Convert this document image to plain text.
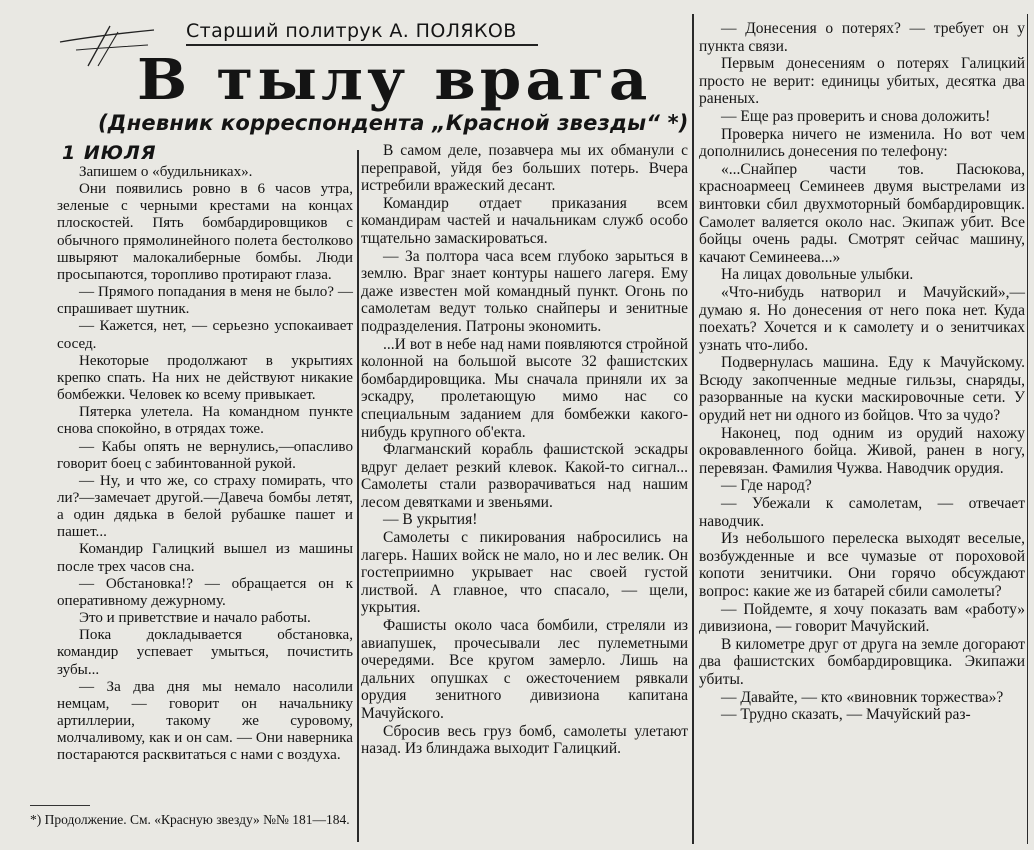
Старший политрук А. ПОЛЯКОВ
В тылу врага
(Дневник корреспондента „Красной звезды“ *)
1 ИЮЛЯ

Запишем о «будильниках».

Они появились ровно в 6 часов утра, зеленые с черными крестами на концах плоскостей. Пять бомбардировщиков с обычного прямолинейного полета бестолково швыряют малокалиберные бомбы. Люди просыпаются, торопливо протирают глаза.

— Прямого попадания в меня не было? — спрашивает шутник.

— Кажется, нет, — серьезно успокаивает сосед.

Некоторые продолжают в укрытиях крепко спать. На них не действуют никакие бомбежки. Человек ко всему привыкает.

Пятерка улетела. На командном пункте снова спокойно, в отрядах тоже.

— Кабы опять не вернулись,—опасливо говорит боец с забинтованной рукой.

— Ну, и что же, со страху помирать, что ли?—замечает другой.—Давеча бомбы летят, а один дядька в белой рубашке пашет и пашет...

Командир Галицкий вышел из машины после трех часов сна.

— Обстановка!? — обращается он к оперативному дежурному.

Это и приветствие и начало работы.

Пока докладывается обстановка, командир успевает умыться, почистить зубы...

— За два дня мы немало насолили немцам, — говорит он начальнику артиллерии, такому же суровому, молчаливому, как и он сам. — Они наверника постараются расквитаться с нами с воздуха.

В самом деле, позавчера мы их обманули с переправой, уйдя без больших потерь. Вчера истребили вражеский десант.

Командир отдает приказания всем командирам частей и начальникам служб особо тщательно замаскироваться.

— За полтора часа всем глубоко зарыться в землю. Враг знает контуры нашего лагеря. Ему даже известен мой командный пункт. Огонь по самолетам ведут только снайперы и зенитные подразделения. Патроны экономить.

...И вот в небе над нами появляются стройной колонной на большой высоте 32 фашистских бомбардировщика. Мы сначала приняли их за эскадру, пролетающую мимо нас со специальным заданием для бомбежки какого-нибудь крупного об'екта.

Флагманский корабль фашистской эскадры вдруг делает резкий клевок. Какой-то сигнал... Самолеты стали разворачиваться над нашим лесом девятками и звеньями.

— В укрытия!

Самолеты с пикирования набросились на лагерь. Наших войск не мало, но и лес велик. Он гостеприимно укрывает нас своей густой листвой. А главное, что спасало, — щели, укрытия.

Фашисты около часа бомбили, стреляли из авиапушек, прочесывали лес пулеметными очередями. Все кругом замерло. Лишь на дальних опушках с ожесточением рявкали орудия зенитного дивизиона капитана Мачуйского.

Сбросив весь груз бомб, самолеты улетают назад. Из блиндажа выходит Галицкий.

— Донесения о потерях? — требует он у пункта связи.

Первым донесениям о потерях Галицкий просто не верит: единицы убитых, десятка два раненых.

— Еще раз проверить и снова доложить!

Проверка ничего не изменила. Но вот чем дополнились донесения по телефону:

«...Снайпер части тов. Пасюкова, красноармеец Семинеев двумя выстрелами из винтовки сбил двухмоторный бомбардировщик. Самолет валяется около нас. Экипаж убит. Все бойцы очень рады. Смотрят сейчас машину, качают Семинеева...»

На лицах довольные улыбки.

«Что-нибудь натворил и Мачуйский»,— думаю я. Но донесения от него пока нет. Куда поехать? Хочется и к самолету и о зенитчиках узнать что-либо.

Подвернулась машина. Еду к Мачуйскому. Всюду закопченные медные гильзы, снаряды, разорванные на куски маскировочные сети. У орудий нет ни одного из бойцов. Что за чудо?

Наконец, под одним из орудий нахожу окровавленного бойца. Живой, ранен в ногу, перевязан. Фамилия Чужва. Наводчик орудия.

— Где народ?

— Убежали к самолетам, — отвечает наводчик.

Из небольшого перелеска выходят веселые, возбужденные и все чумазые от пороховой копоти зенитчики. Они горячо обсуждают вопрос: какие же из батарей сбили самолеты?

— Пойдемте, я хочу показать вам «работу» дивизиона, — говорит Мачуйский.

В километре друг от друга на земле догорают два фашистских бомбардировщика. Экипажи убиты.

— Давайте, — кто «виновник торжества»?

— Трудно сказать, — Мачуйский раз-

*) Продолжение. См. «Красную звезду» №№ 181—184.
